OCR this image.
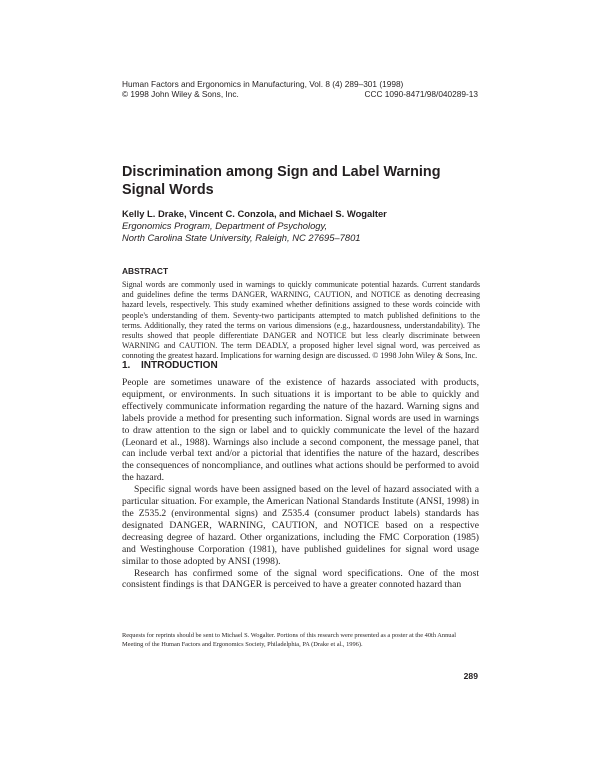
Human Factors and Ergonomics in Manufacturing, Vol. 8 (4) 289–301 (1998)
© 1998 John Wiley & Sons, Inc.	CCC 1090-8471/98/040289-13
Discrimination among Sign and Label Warning
Signal Words
Kelly L. Drake, Vincent C. Conzola, and Michael S. Wogalter
Ergonomics Program, Department of Psychology,
North Carolina State University, Raleigh, NC 27695–7801
ABSTRACT
Signal words are commonly used in warnings to quickly communicate potential hazards. Current standards and guidelines define the terms DANGER, WARNING, CAUTION, and NOTICE as denoting decreasing hazard levels, respectively. This study examined whether definitions assigned to these words coincide with people's understanding of them. Seventy-two participants attempted to match published definitions to the terms. Additionally, they rated the terms on various dimensions (e.g., hazardousness, understandability). The results showed that people differentiate DANGER and NOTICE but less clearly discriminate between WARNING and CAUTION. The term DEADLY, a proposed higher level signal word, was perceived as connoting the greatest hazard. Implications for warning design are discussed. © 1998 John Wiley & Sons, Inc.
1. INTRODUCTION

People are sometimes unaware of the existence of hazards associated with products, equipment, or environments. In such situations it is important to be able to quickly and effectively communicate information regarding the nature of the hazard. Warning signs and labels provide a method for presenting such information. Signal words are used in warnings to draw attention to the sign or label and to quickly communicate the level of the hazard (Leonard et al., 1988). Warnings also include a second component, the message panel, that can include verbal text and/or a pictorial that identifies the nature of the hazard, describes the consequences of noncompliance, and outlines what actions should be performed to avoid the hazard.

Specific signal words have been assigned based on the level of hazard associated with a particular situation. For example, the American National Standards Institute (ANSI, 1998) in the Z535.2 (environmental signs) and Z535.4 (consumer product labels) standards has designated DANGER, WARNING, CAUTION, and NOTICE based on a respective decreasing degree of hazard. Other organizations, including the FMC Corporation (1985) and Westinghouse Corporation (1981), have published guidelines for signal word usage similar to those adopted by ANSI (1998).

Research has confirmed some of the signal word specifications. One of the most consistent findings is that DANGER is perceived to have a greater connoted hazard than

Requests for reprints should be sent to Michael S. Wogalter. Portions of this research were presented as a poster at the 40th Annual Meeting of the Human Factors and Ergonomics Society, Philadelphia, PA (Drake et al., 1996).
289
